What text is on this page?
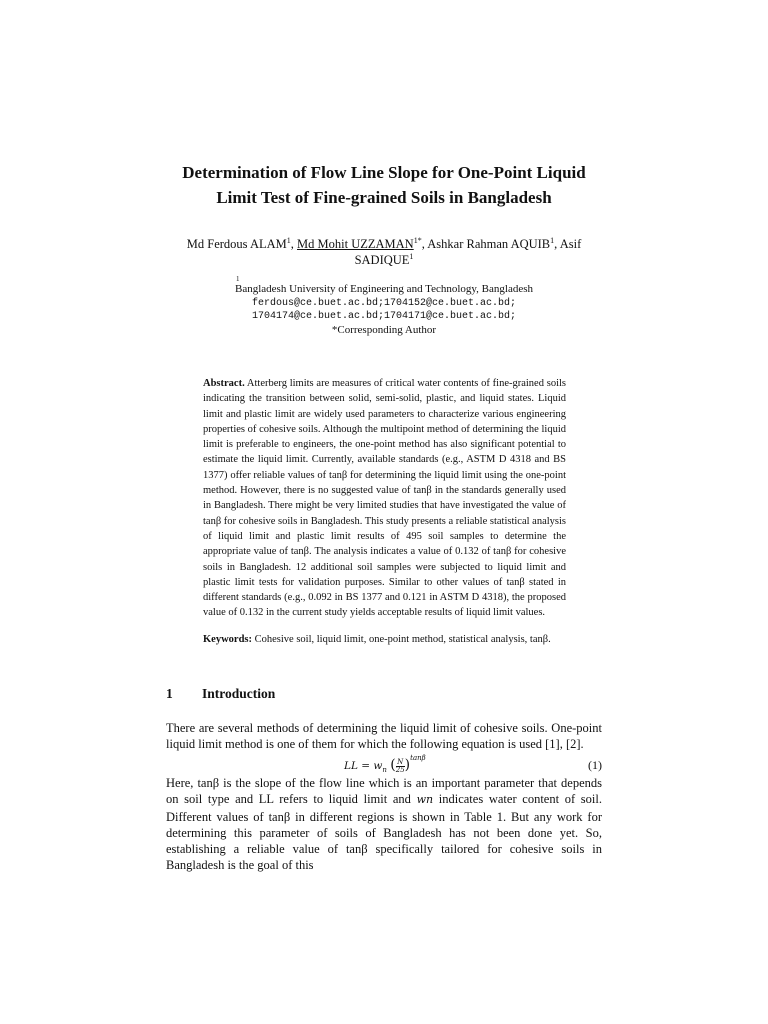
Determination of Flow Line Slope for One-Point Liquid
Limit Test of Fine-grained Soils in Bangladesh
Md Ferdous ALAM$^1$, Md Mohit $UZZAMAN^{1*}$, Ashkar Rahman AQUIB$^1$, Asif
SADIQUE$^1$
1
Bangladesh University of Engineering and Technology, Bangladesh
ferdous@ce.buet.ac.bd;1704152@ce.buet.ac.bd;
1704174@ce.buet.ac.bd;1704171@ce.buet.ac.bd;
*Corresponding Author
Abstract. Atterberg limits are measures of critical water contents of fine-grained soils indicating the transition between solid, semi-solid, plastic, and liquid states. Liquid limit and plastic limit are widely used parameters to characterize various engineering properties of cohesive soils. Although the multipoint method of determining the liquid limit is preferable to engineers, the one-point method has also significant potential to estimate the liquid limit. Currently, available standards (e.g., ASTM D 4318 and BS 1377) offer reliable values of tanβ for determining the liquid limit using the one-point method. However, there is no suggested value of tanβ in the standards generally used in Bangladesh. There might be very limited studies that have investigated the value of tanβ for cohesive soils in Bangladesh. This study presents a reliable statistical analysis of liquid limit and plastic limit results of 495 soil samples to determine the appropriate value of tanβ. The analysis indicates a value of 0.132 of tanβ for cohesive soils in Bangladesh. 12 additional soil samples were subjected to liquid limit and plastic limit tests for validation purposes. Similar to other values of tanβ stated in different standards (e.g., 0.092 in BS 1377 and 0.121 in ASTM D 4318), the proposed value of 0.132 in the current study yields acceptable results of liquid limit values.
Keywords: Cohesive soil, liquid limit, one-point method, statistical analysis, tanβ.
1 Introduction
There are several methods of determining the liquid limit of cohesive soils. One-point liquid limit method is one of them for which the following equation is used [1], [2].
LL = $w_n$ ( $\frac{N}{25} )^{tan\beta}$	(1)
Here, tanβ is the slope of the flow line which is an important parameter that depends on soil type and LL refers to liquid limit and wn indicates water content of soil. Different values of tanβ in different regions is shown in Table 1. But any work for determining this parameter of soils of Bangladesh has not been done yet. So, establishing a reliable value of tanβ specifically tailored for cohesive soils in Bangladesh is the goal of this
